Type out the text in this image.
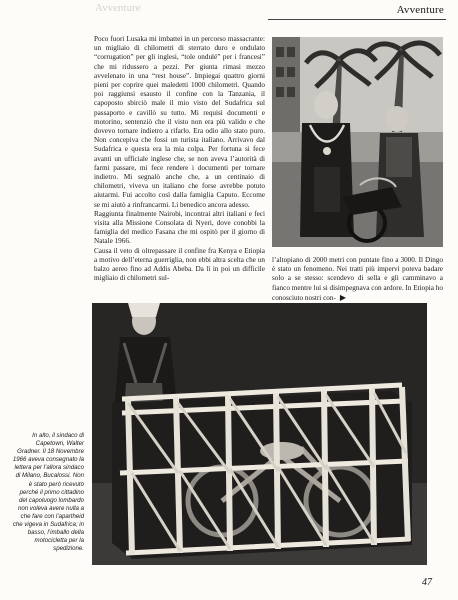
Avventure	Avventure

Poco fuori Lusaka mi imbattei in un percorso massacrante: un migliaio di chilometri di sterrato duro e ondulato “corrugation” per gli inglesi, “tole ondulé” per i francesi” che mi ridussero a pezzi. Per giunta rimasi mezzo avvelenato in una “rest house”. Impiegai quattro giorni pieni per coprire quei maledetti 1000 chilometri. Quando poi raggiunsi esausto il confine con la Tanzania, il capoposto sbirciò male il mio visto del Sudafrica sul passaporto e cavillò su tutto. Mi requisì documenti e motorino, sentenziò che il visto non era più valido e che dovevo tornare indietro a rifarlo. Era odio allo stato puro. Non concepiva che fossi un turista italiano. Arrivavo dal Sudafrica e questa era la mia colpa. Per fortuna si fece avanti un ufficiale inglese che, se non aveva l’autorità di farmi passare, mi fece rendere i documenti per tornare indietro. Mi segnalò anche che, a un centinaio di chilometri, viveva un italiano che forse avrebbe potuto aiutarmi. Fui accolto così dalla famiglia Caputo. Eccome se mi aiutò a rinfrancarmi. Li benedico ancora adesso.

Raggiunta finalmente Nairobi, incontrai altri italiani e feci visita alla Missione Consolata di Nyeri, dove conobbi la famiglia del medico Fasana che mi ospitò per il giorno di Natale 1966.

Causa il veto di oltrepassare il confine fra Kenya e Etiopia a motivo dell’eterna guerriglia, non ebbi altra scelta che un balzo aereo fino ad Addis Abeba. Da lì in poi un difficile migliaio di chilometri sul-

l’altopiano di 2000 metri con puntate fino a 3000. Il Dingo è stato un fenomeno. Nei tratti più impervi poteva badare solo a se stesso: scendevo di sella e gli camminavo a fianco mentre lui si disimpegnava con ardore. In Etiopia ho conosciuto nostri con- ▶
In alto, il sindaco di Capetown, Walter Gradner. Il 18 Novembre 1966 aveva consegnato la lettera per l’allora sindaco di Milano, Bucalossi. Non è stato però ricevuto perché il primo cittadino del capoluogo lombardo non voleva avere nulla a che fare con l’apartheid che vigeva in Sudafrica; in basso, l’imballo della motocicletta per la spedizione.
47
